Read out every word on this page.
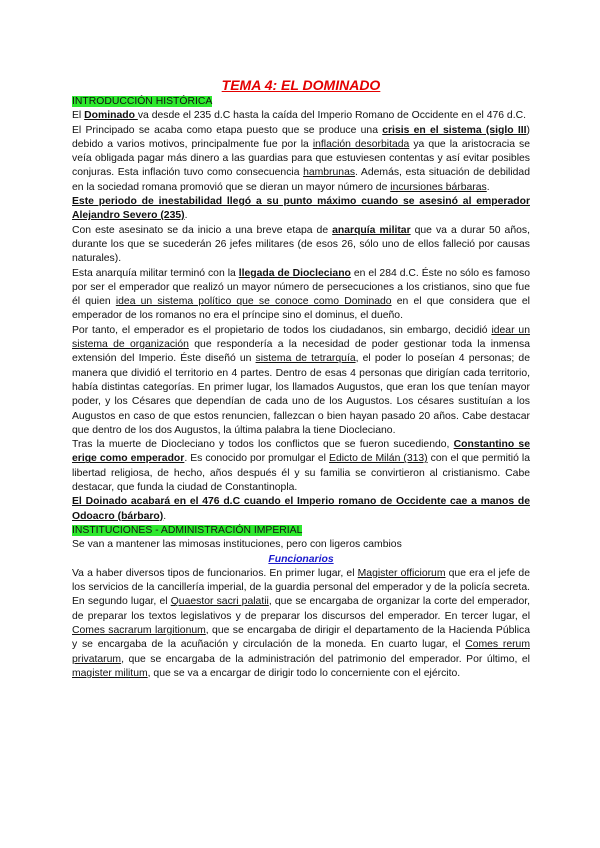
TEMA 4: EL DOMINADO

INTRODUCCIÓN HISTÓRICA

El Dominado va desde el 235 d.C hasta la caída del Imperio Romano de Occidente en el 476 d.C.

El Principado se acaba como etapa puesto que se produce una crisis en el sistema (siglo III) debido a varios motivos, principalmente fue por la inflación desorbitada ya que la aristocracia se veía obligada pagar más dinero a las guardias para que estuviesen contentas y así evitar posibles conjuras. Esta inflación tuvo como consecuencia hambrunas. Además, esta situación de debilidad en la sociedad romana promovió que se dieran un mayor número de incursiones bárbaras.

Este periodo de inestabilidad llegó a su punto máximo cuando se asesinó al emperador Alejandro Severo (235).

Con este asesinato se da inicio a una breve etapa de anarquía militar que va a durar 50 años, durante los que se sucederán 26 jefes militares (de esos 26, sólo uno de ellos falleció por causas naturales).

Esta anarquía militar terminó con la llegada de Diocleciano en el 284 d.C. Éste no sólo es famoso por ser el emperador que realizó un mayor número de persecuciones a los cristianos, sino que fue él quien idea un sistema político que se conoce como Dominado en el que considera que el emperador de los romanos no era el príncipe sino el dominus, el dueño.

Por tanto, el emperador es el propietario de todos los ciudadanos, sin embargo, decidió idear un sistema de organización que respondería a la necesidad de poder gestionar toda la inmensa extensión del Imperio. Éste diseñó un sistema de tetrarquía, el poder lo poseían 4 personas; de manera que dividió el territorio en 4 partes. Dentro de esas 4 personas que dirigían cada territorio, había distintas categorías. En primer lugar, los llamados Augustos, que eran los que tenían mayor poder, y los Césares que dependían de cada uno de los Augustos. Los césares sustituían a los Augustos en caso de que estos renuncien, fallezcan o bien hayan pasado 20 años. Cabe destacar que dentro de los dos Augustos, la última palabra la tiene Diocleciano.

Tras la muerte de Diocleciano y todos los conflictos que se fueron sucediendo, Constantino se erige como emperador. Es conocido por promulgar el Edicto de Milán (313) con el que permitió la libertad religiosa, de hecho, años después él y su familia se convirtieron al cristianismo. Cabe destacar, que funda la ciudad de Constantinopla.

El Doinado acabará en el 476 d.C cuando el Imperio romano de Occidente cae a manos de Odoacro (bárbaro).

INSTITUCIONES - ADMINISTRACIÓN IMPERIAL

Se van a mantener las mimosas instituciones, pero con ligeros cambios

Funcionarios

Va a haber diversos tipos de funcionarios. En primer lugar, el Magister officiorum que era el jefe de los servicios de la cancillería imperial, de la guardia personal del emperador y de la policía secreta. En segundo lugar, el Quaestor sacri palatii, que se encargaba de organizar la corte del emperador, de preparar los textos legislativos y de preparar los discursos del emperador. En tercer lugar, el Comes sacrarum largitionum, que se encargaba de dirigir el departamento de la Hacienda Pública y se encargaba de la acuñación y circulación de la moneda. En cuarto lugar, el Comes rerum privatarum, que se encargaba de la administración del patrimonio del emperador. Por último, el magister militum, que se va a encargar de dirigir todo lo concerniente con el ejército.
